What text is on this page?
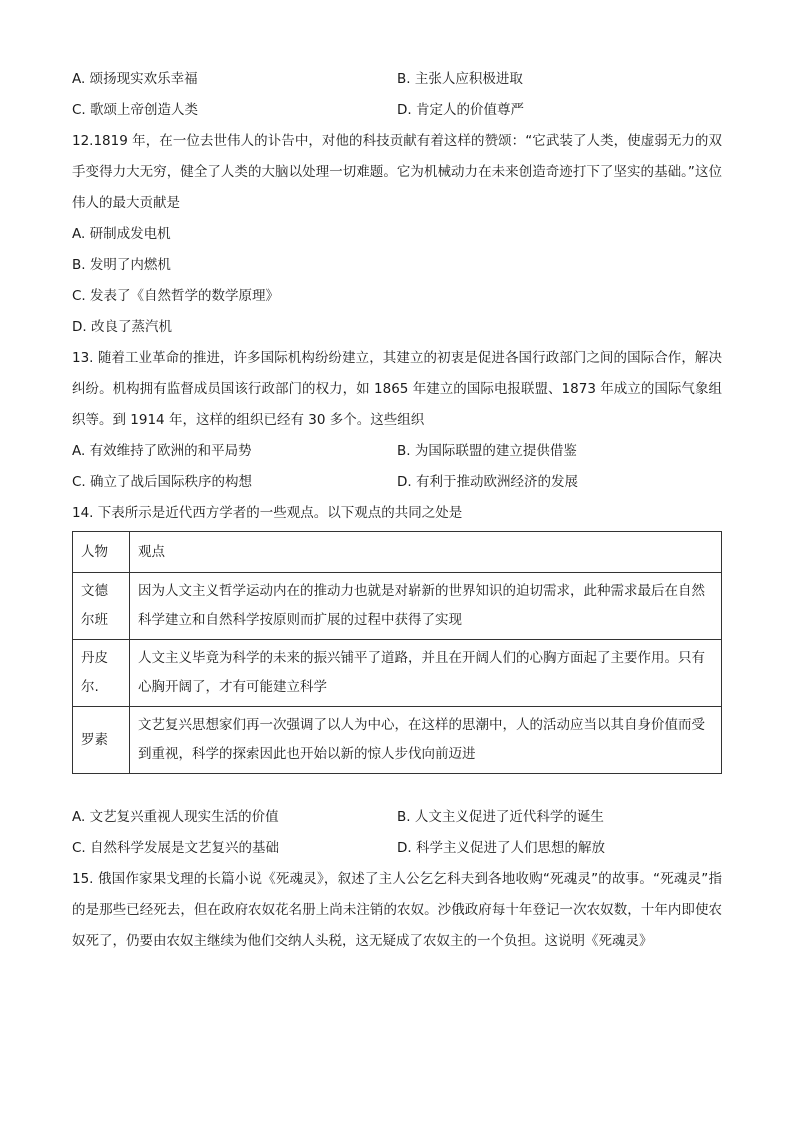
A. 颂扬现实欢乐幸福	B. 主张人应积极进取
C. 歌颂上帝创造人类	D. 肯定人的价值尊严
12.1819 年，在一位去世伟人的讣告中，对他的科技贡献有着这样的赞颂：“它武装了人类，使虚弱无力的双手变得力大无穷，健全了人类的大脑以处理一切难题。它为机械动力在未来创造奇迹打下了坚实的基础。”这位伟人的最大贡献是
A. 研制成发电机
B. 发明了内燃机
C. 发表了《自然哲学的数学原理》
D. 改良了蒸汽机
13. 随着工业革命的推进，许多国际机构纷纷建立，其建立的初衷是促进各国行政部门之间的国际合作，解决纠纷。机构拥有监督成员国该行政部门的权力，如 1865 年建立的国际电报联盟、1873 年成立的国际气象组织等。到 1914 年，这样的组织已经有 30 多个。这些组织
A. 有效维持了欧洲的和平局势	B. 为国际联盟的建立提供借鉴
C. 确立了战后国际秩序的构想	D. 有利于推动欧洲经济的发展
14. 下表所示是近代西方学者的一些观点。以下观点的共同之处是
人物	观点
文德尔班	因为人文主义哲学运动内在的推动力也就是对崭新的世界知识的迫切需求，此种需求最后在自然科学建立和自然科学按原则而扩展的过程中获得了实现
丹皮尔.	人文主义毕竟为科学的未来的振兴铺平了道路，并且在开阔人们的心胸方面起了主要作用。只有心胸开阔了，才有可能建立科学
罗素	文艺复兴思想家们再一次强调了以人为中心，在这样的思潮中，人的活动应当以其自身价值而受到重视，科学的探索因此也开始以新的惊人步伐向前迈进
A. 文艺复兴重视人现实生活的价值	B. 人文主义促进了近代科学的诞生
C. 自然科学发展是文艺复兴的基础	D. 科学主义促进了人们思想的解放
15. 俄国作家果戈理的长篇小说《死魂灵》，叙述了主人公乞乞科夫到各地收购“死魂灵”的故事。“死魂灵”指的是那些已经死去，但在政府农奴花名册上尚未注销的农奴。沙俄政府每十年登记一次农奴数，十年内即使农奴死了，仍要由农奴主继续为他们交纳人头税，这无疑成了农奴主的一个负担。这说明《死魂灵》
